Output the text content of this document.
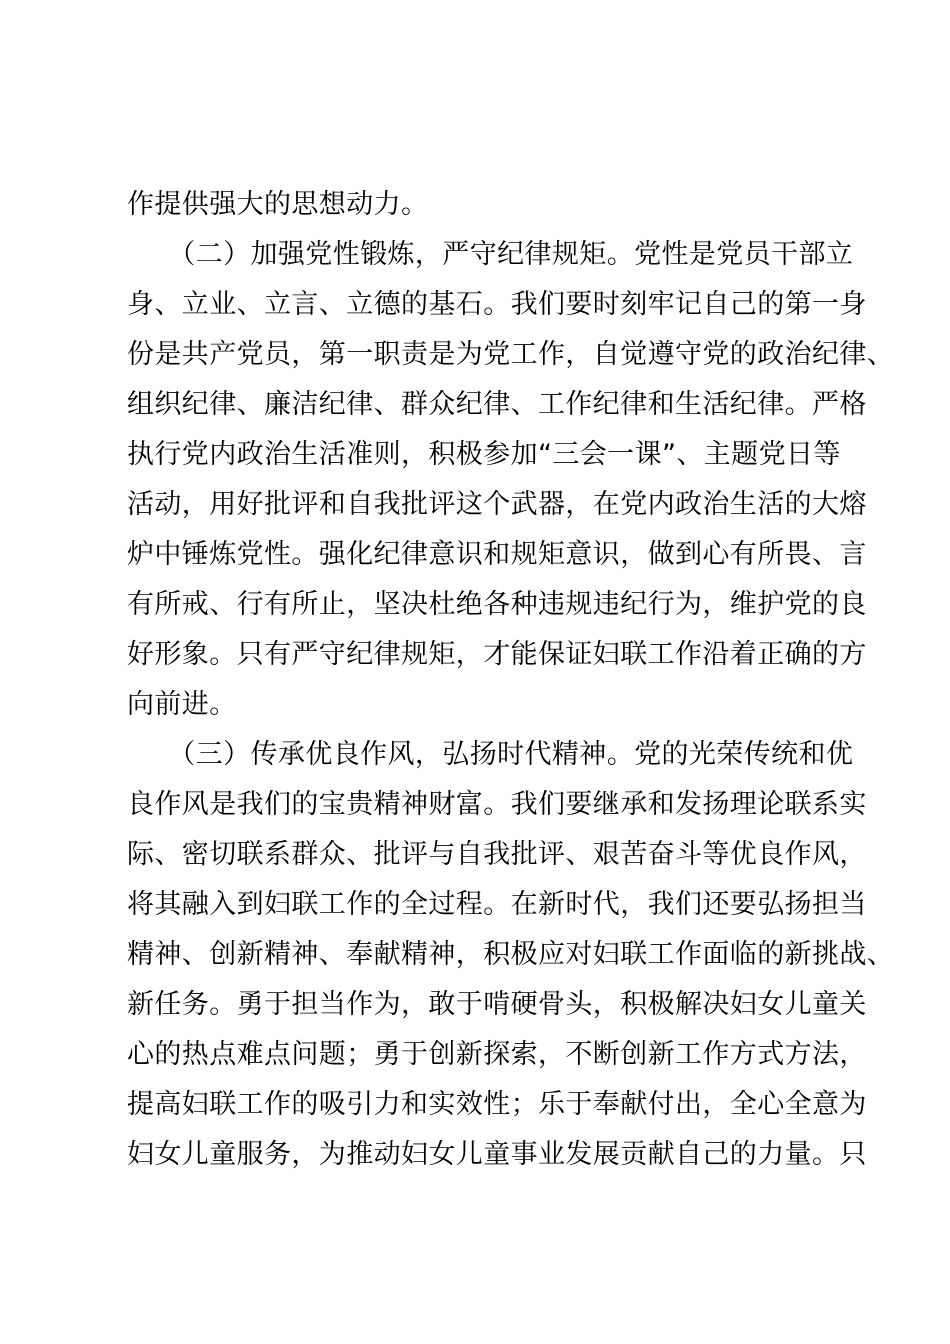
作提供强大的思想动力。
　　（二）加强党性锻炼，严守纪律规矩。党性是党员干部立
身、立业、立言、立德的基石。我们要时刻牢记自己的第一身
份是共产党员，第一职责是为党工作，自觉遵守党的政治纪律、
组织纪律、廉洁纪律、群众纪律、工作纪律和生活纪律。严格
执行党内政治生活准则，积极参加“三会一课”、主题党日等
活动，用好批评和自我批评这个武器，在党内政治生活的大熔
炉中锤炼党性。强化纪律意识和规矩意识，做到心有所畏、言
有所戒、行有所止，坚决杜绝各种违规违纪行为，维护党的良
好形象。只有严守纪律规矩，才能保证妇联工作沿着正确的方
向前进。
　　（三）传承优良作风，弘扬时代精神。党的光荣传统和优
良作风是我们的宝贵精神财富。我们要继承和发扬理论联系实
际、密切联系群众、批评与自我批评、艰苦奋斗等优良作风，
将其融入到妇联工作的全过程。在新时代，我们还要弘扬担当
精神、创新精神、奉献精神，积极应对妇联工作面临的新挑战、
新任务。勇于担当作为，敢于啃硬骨头，积极解决妇女儿童关
心的热点难点问题；勇于创新探索，不断创新工作方式方法，
提高妇联工作的吸引力和实效性；乐于奉献付出，全心全意为
妇女儿童服务，为推动妇女儿童事业发展贡献自己的力量。只
